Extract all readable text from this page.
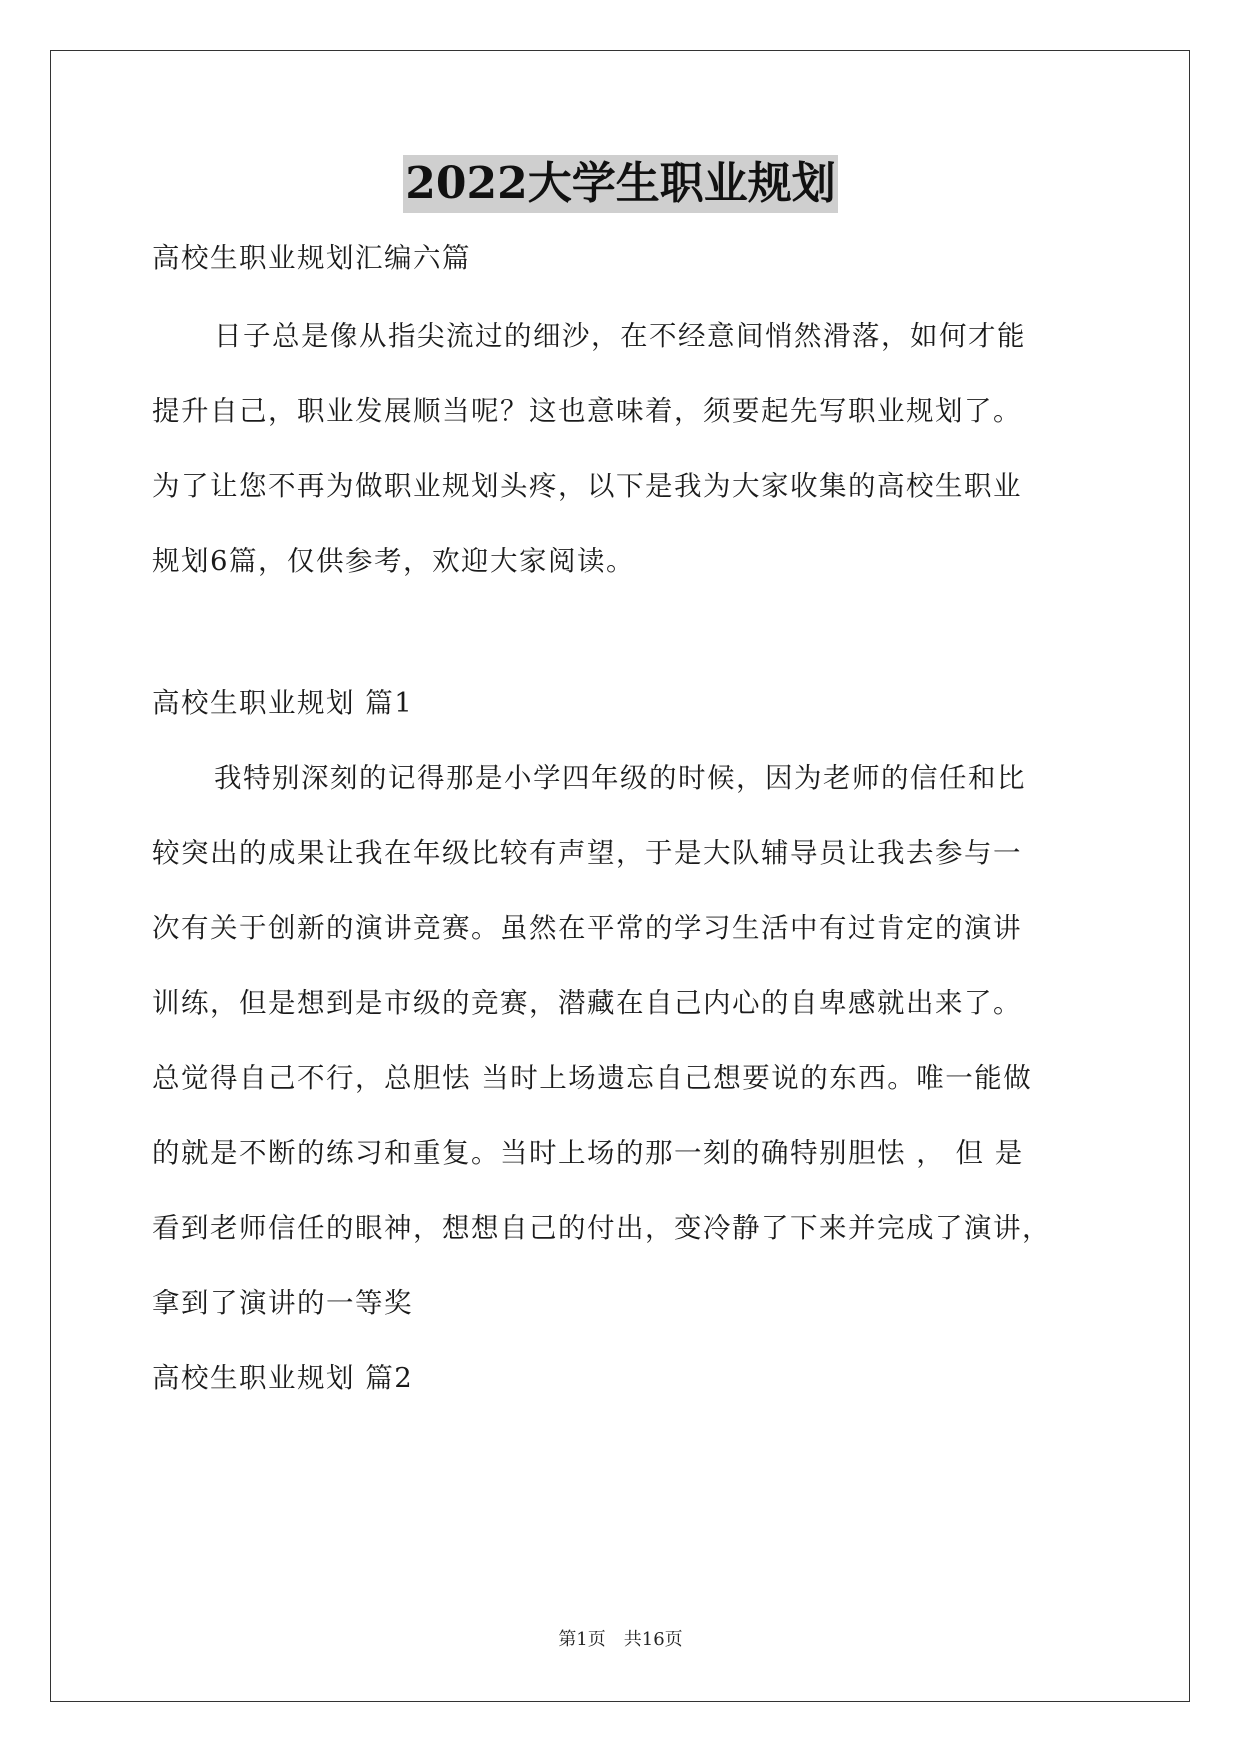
2022大学生职业规划
高校生职业规划汇编六篇
日子总是像从指尖流过的细沙，在不经意间悄然滑落，如何才能
提升自己，职业发展顺当呢？这也意味着，须要起先写职业规划了。
为了让您不再为做职业规划头疼，以下是我为大家收集的高校生职业
规划6篇，仅供参考，欢迎大家阅读。
高校生职业规划 篇1
我特别深刻的记得那是小学四年级的时候，因为老师的信任和比
较突出的成果让我在年级比较有声望，于是大队辅导员让我去参与一
次有关于创新的演讲竞赛。虽然在平常的学习生活中有过肯定的演讲
训练，但是想到是市级的竞赛，潜藏在自己内心的自卑感就出来了。
总觉得自己不行，总胆怯 当时上场遗忘自己想要说的东西。唯一能做
的就是不断的练习和重复。当时上场的那一刻的确特别胆怯 ， 但 是
看到老师信任的眼神，想想自己的付出，变冷静了下来并完成了演讲，
拿到了演讲的一等奖
高校生职业规划 篇2
第1页　共16页
